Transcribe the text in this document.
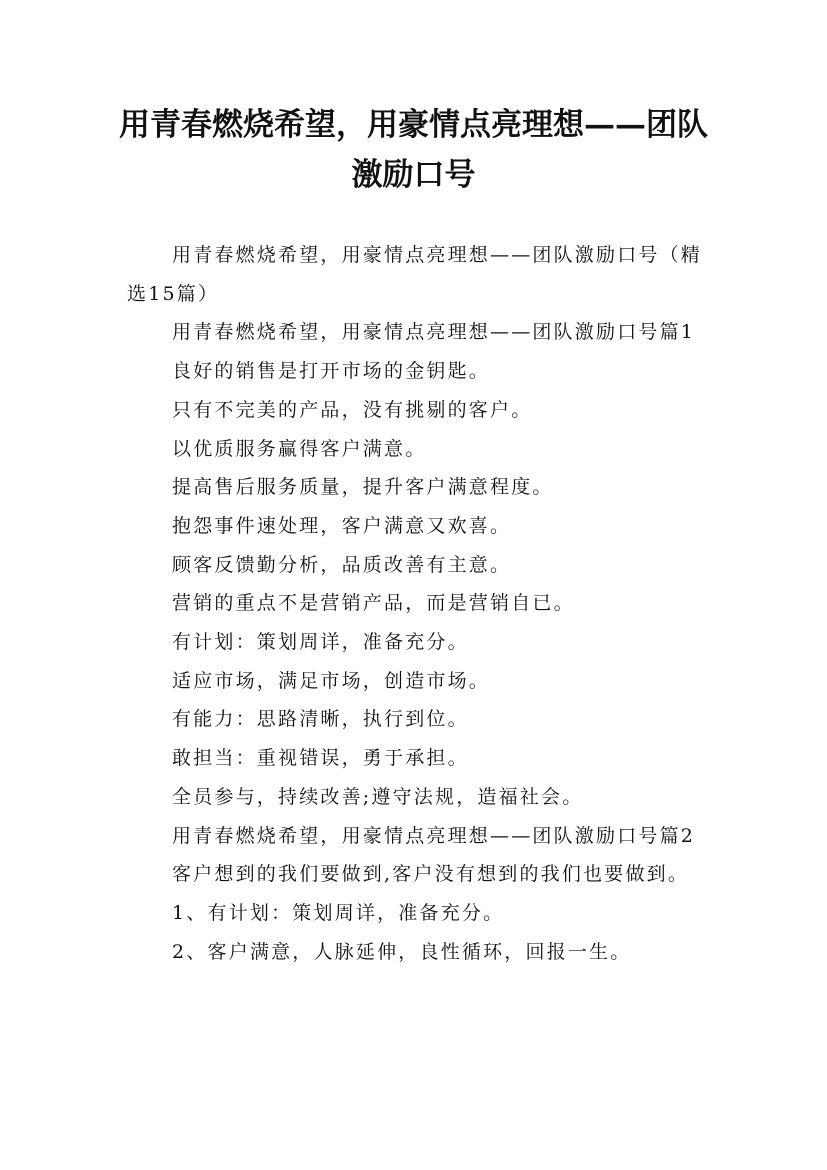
用青春燃烧希望，用豪情点亮理想——团队激励口号

用青春燃烧希望，用豪情点亮理想——团队激励口号（精选15篇）

用青春燃烧希望，用豪情点亮理想——团队激励口号篇1

良好的销售是打开市场的金钥匙。

只有不完美的产品，没有挑剔的客户。

以优质服务赢得客户满意。

提高售后服务质量，提升客户满意程度。

抱怨事件速处理，客户满意又欢喜。

顾客反馈勤分析，品质改善有主意。

营销的重点不是营销产品，而是营销自已。

有计划：策划周详，准备充分。

适应市场，满足市场，创造市场。

有能力：思路清晰，执行到位。

敢担当：重视错误，勇于承担。

全员参与，持续改善;遵守法规，造福社会。

用青春燃烧希望，用豪情点亮理想——团队激励口号篇2

客户想到的我们要做到,客户没有想到的我们也要做到。

1、有计划：策划周详，准备充分。

2、客户满意，人脉延伸，良性循环，回报一生。
